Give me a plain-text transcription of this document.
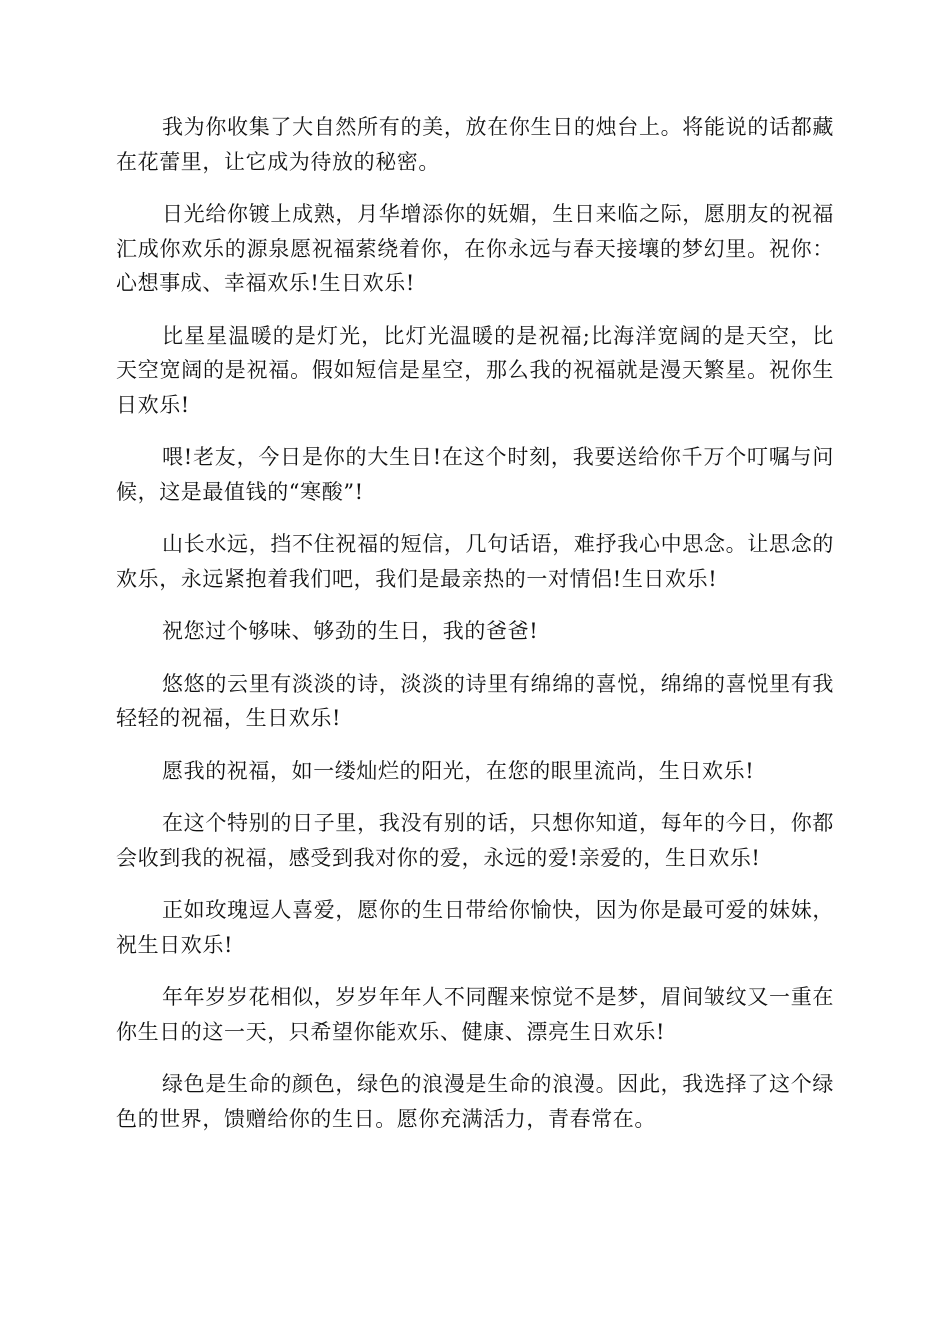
我为你收集了大自然所有的美，放在你生日的烛台上。将能说的话都藏在花蕾里，让它成为待放的秘密。

日光给你镀上成熟，月华增添你的妩媚，生日来临之际，愿朋友的祝福汇成你欢乐的源泉愿祝福萦绕着你，在你永远与春天接壤的梦幻里。祝你：心想事成、幸福欢乐!生日欢乐!

比星星温暖的是灯光，比灯光温暖的是祝福;比海洋宽阔的是天空，比天空宽阔的是祝福。假如短信是星空，那么我的祝福就是漫天繁星。祝你生日欢乐!

喂!老友，今日是你的大生日!在这个时刻，我要送给你千万个叮嘱与问候，这是最值钱的“寒酸”!

山长水远，挡不住祝福的短信，几句话语，难抒我心中思念。让思念的欢乐，永远紧抱着我们吧，我们是最亲热的一对情侣!生日欢乐!

祝您过个够味、够劲的生日，我的爸爸!

悠悠的云里有淡淡的诗，淡淡的诗里有绵绵的喜悦，绵绵的喜悦里有我轻轻的祝福，生日欢乐!

愿我的祝福，如一缕灿烂的阳光，在您的眼里流尚，生日欢乐!

在这个特别的日子里，我没有别的话，只想你知道，每年的今日，你都会收到我的祝福，感受到我对你的爱，永远的爱!亲爱的，生日欢乐!

正如玫瑰逗人喜爱，愿你的生日带给你愉快，因为你是最可爱的妹妹，祝生日欢乐!

年年岁岁花相似，岁岁年年人不同醒来惊觉不是梦，眉间皱纹又一重在你生日的这一天，只希望你能欢乐、健康、漂亮生日欢乐!

绿色是生命的颜色，绿色的浪漫是生命的浪漫。因此，我选择了这个绿色的世界，馈赠给你的生日。愿你充满活力，青春常在。
